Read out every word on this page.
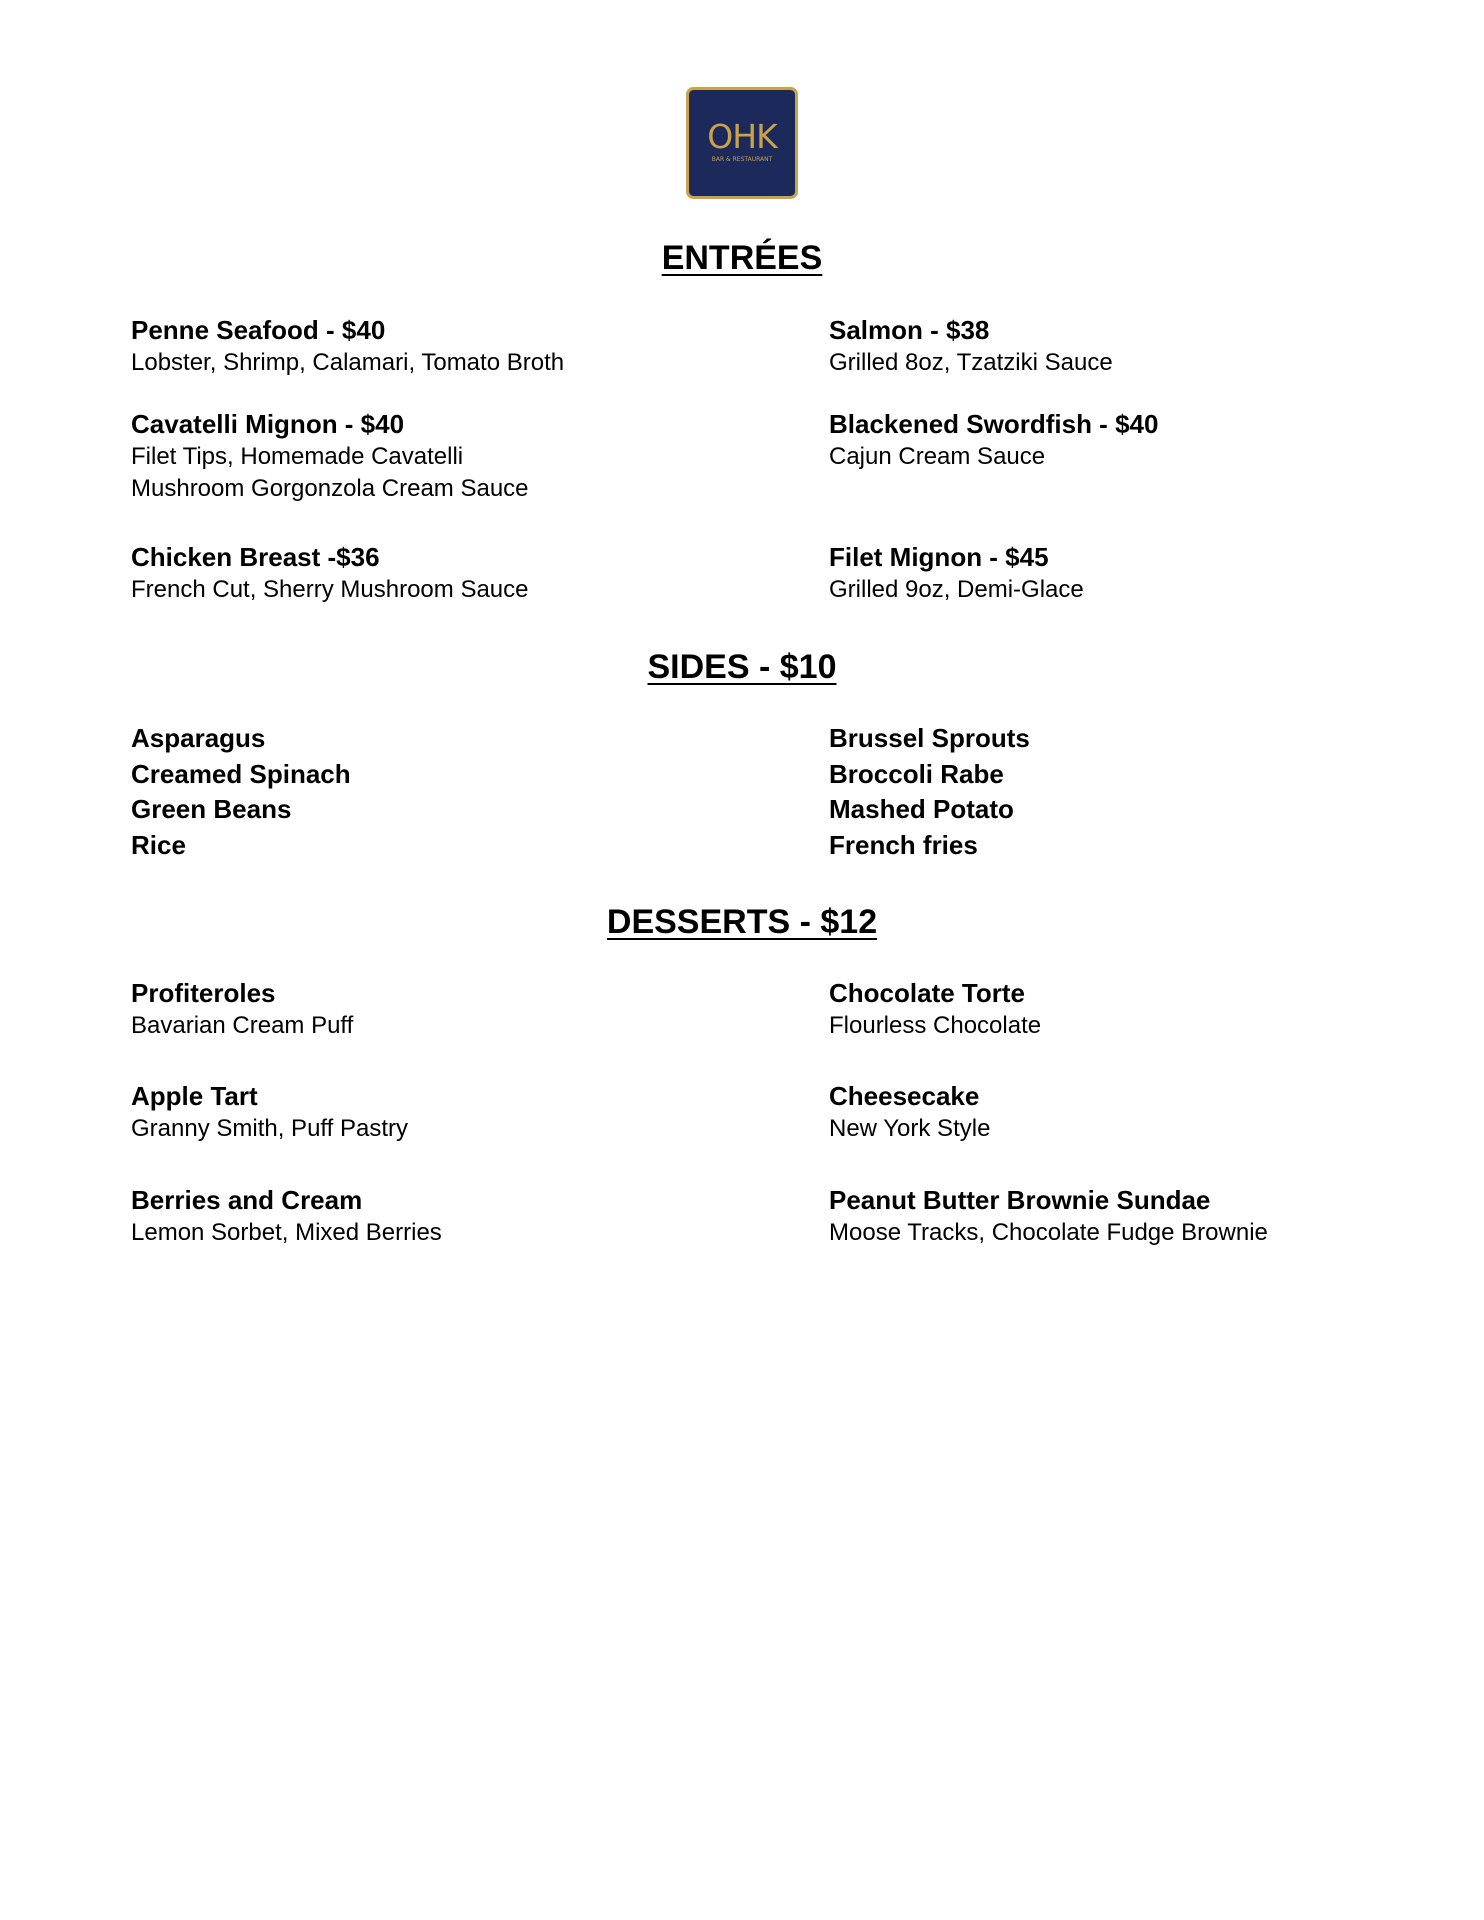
OHK
BAR & RESTAURANT
ENTRÉES
Penne Seafood - $40
Lobster, Shrimp, Calamari, Tomato Broth
Cavatelli Mignon - $40
Filet Tips, Homemade Cavatelli
Mushroom Gorgonzola Cream Sauce
Chicken Breast -$36
French Cut, Sherry Mushroom Sauce
Salmon - $38
Grilled 8oz, Tzatziki Sauce
Blackened Swordfish - $40
Cajun Cream Sauce
Filet Mignon - $45
Grilled 9oz, Demi-Glace
SIDES - $10
Asparagus
Creamed Spinach
Green Beans
Rice
Brussel Sprouts
Broccoli Rabe
Mashed Potato
French fries
DESSERTS - $12
Profiteroles
Bavarian Cream Puff
Apple Tart
Granny Smith, Puff Pastry
Berries and Cream
Lemon Sorbet, Mixed Berries
Chocolate Torte
Flourless Chocolate
Cheesecake
New York Style
Peanut Butter Brownie Sundae
Moose Tracks, Chocolate Fudge Brownie
